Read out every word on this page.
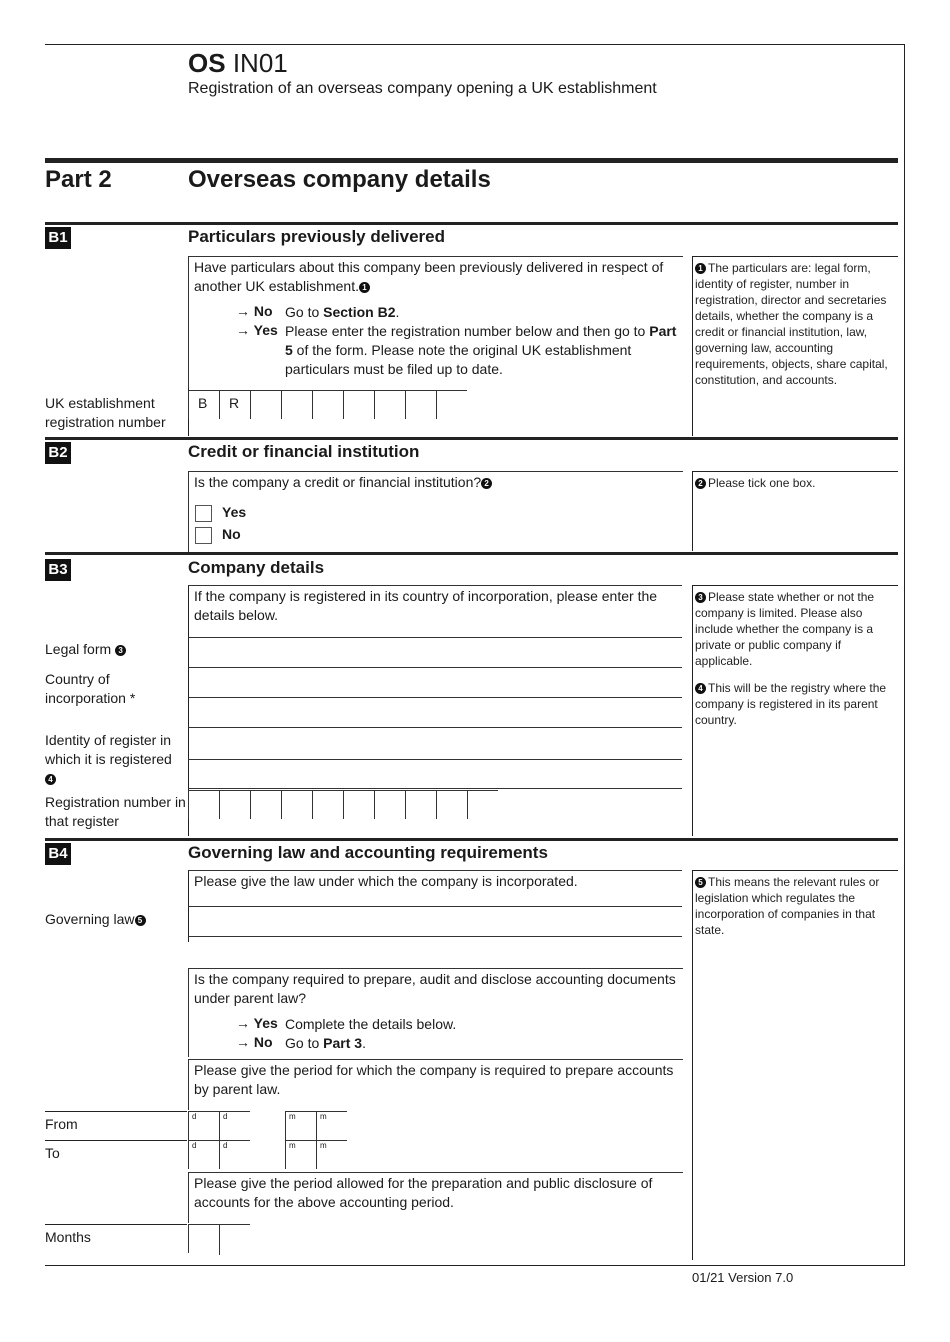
OS IN01
Registration of an overseas company opening a UK establishment
Part 2	Overseas company details
B1	Particulars previously delivered
Have particulars about this company been previously delivered in respect of another UK establishment. 1
→ No Go to Section B2.
→ Yes Please enter the registration number below and then go to Part 5 of the form. Please note the original UK establishment particulars must be filed up to date.
UK establishment registration number
B R
1 The particulars are: legal form, identity of register, number in registration, director and secretaries details, whether the company is a credit or financial institution, law, governing law, accounting requirements, objects, share capital, constitution, and accounts.
B2	Credit or financial institution
Is the company a credit or financial institution? 2
Yes
No
2 Please tick one box.
B3	Company details
If the company is registered in its country of incorporation, please enter the details below.
Legal form 3
Country of incorporation *
Identity of register in which it is registered4
Registration number in that register
3 Please state whether or not the company is limited. Please also include whether the company is a private or public company if applicable.
4 This will be the registry where the company is registered in its parent country.
B4	Governing law and accounting requirements
Please give the law under which the company is incorporated.
Governing law 5
Is the company required to prepare, audit and disclose accounting documents under parent law?
→ Yes Complete the details below.
→ No Go to Part 3.
Please give the period for which the company is required to prepare accounts by parent law.
From	d	d	m	m
To	d	d	m	m
Please give the period allowed for the preparation and public disclosure of accounts for the above accounting period.
Months
5 This means the relevant rules or legislation which regulates the incorporation of companies in that state.
01/21 Version 7.0
